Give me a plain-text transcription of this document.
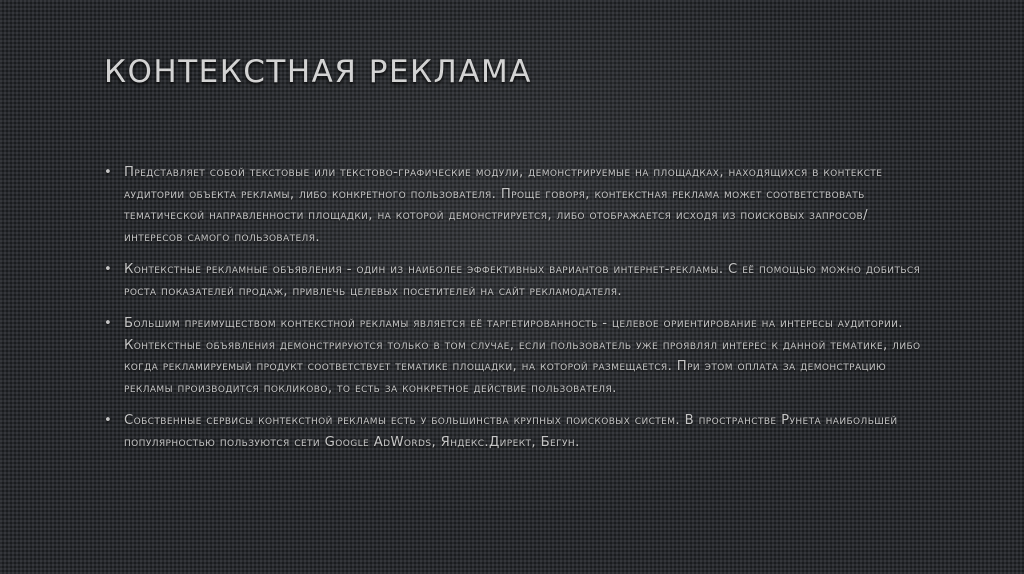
КОНТЕКСТНАЯ РЕКЛАМА
• Представляет собой текстовые или текстово-графические модули, демонстрируемые на площадках, находящихся в контексте аудитории объекта рекламы, либо конкретного пользователя. Проще говоря, контекстная реклама может соответствовать тематической направленности площадки, на которой демонстрируется, либо отображается исходя из поисковых запросов/интересов самого пользователя.
• Контекстные рекламные объявления - один из наиболее эффективных вариантов интернет-рекламы. С её помощью можно добиться роста показателей продаж, привлечь целевых посетителей на сайт рекламодателя.
• Большим преимуществом контекстной рекламы является её таргетированность - целевое ориентирование на интересы аудитории. Контекстные объявления демонстрируются только в том случае, если пользователь уже проявлял интерес к данной тематике, либо когда рекламируемый продукт соответствует тематике площадки, на которой размещается. При этом оплата за демонстрацию рекламы производится покликово, то есть за конкретное действие пользователя.
• Собственные сервисы контекстной рекламы есть у большинства крупных поисковых систем. В пространстве Рунета наибольшей популярностью пользуются сети Google AdWords, Яндекс.Директ, Бегун.
